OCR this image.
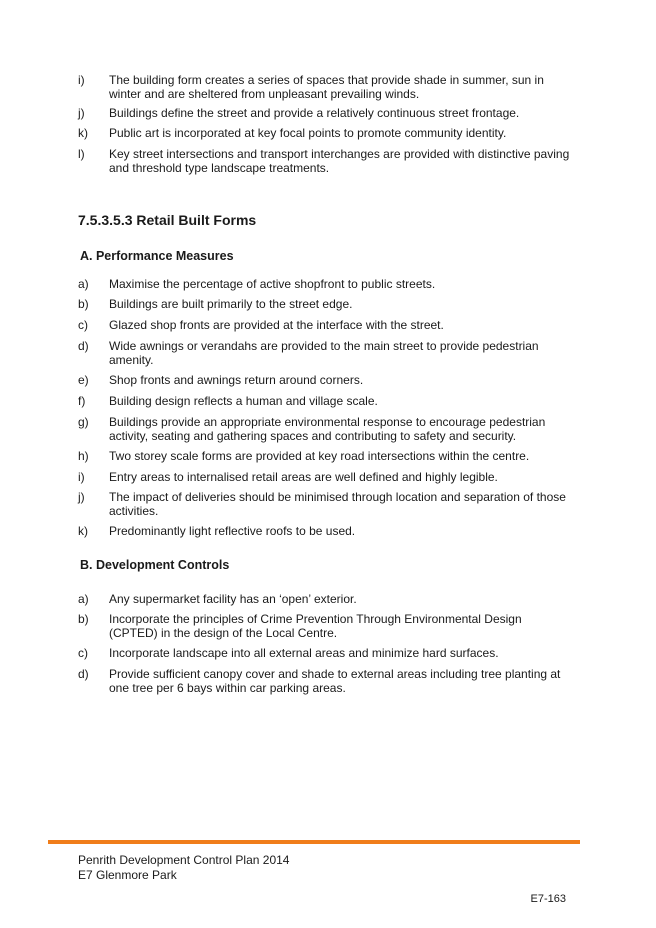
i) The building form creates a series of spaces that provide shade in summer, sun in winter and are sheltered from unpleasant prevailing winds.
j) Buildings define the street and provide a relatively continuous street frontage.
k) Public art is incorporated at key focal points to promote community identity.
l) Key street intersections and transport interchanges are provided with distinctive paving and threshold type landscape treatments.
7.5.3.5.3 Retail Built Forms
A. Performance Measures
a) Maximise the percentage of active shopfront to public streets.
b) Buildings are built primarily to the street edge.
c) Glazed shop fronts are provided at the interface with the street.
d) Wide awnings or verandahs are provided to the main street to provide pedestrian amenity.
e) Shop fronts and awnings return around corners.
f) Building design reflects a human and village scale.
g) Buildings provide an appropriate environmental response to encourage pedestrian activity, seating and gathering spaces and contributing to safety and security.
h) Two storey scale forms are provided at key road intersections within the centre.
i) Entry areas to internalised retail areas are well defined and highly legible.
j) The impact of deliveries should be minimised through location and separation of those activities.
k) Predominantly light reflective roofs to be used.
B. Development Controls
a) Any supermarket facility has an ‘open’ exterior.
b) Incorporate the principles of Crime Prevention Through Environmental Design (CPTED) in the design of the Local Centre.
c) Incorporate landscape into all external areas and minimize hard surfaces.
d) Provide sufficient canopy cover and shade to external areas including tree planting at one tree per 6 bays within car parking areas.
Penrith Development Control Plan 2014
E7 Glenmore Park
E7-163
